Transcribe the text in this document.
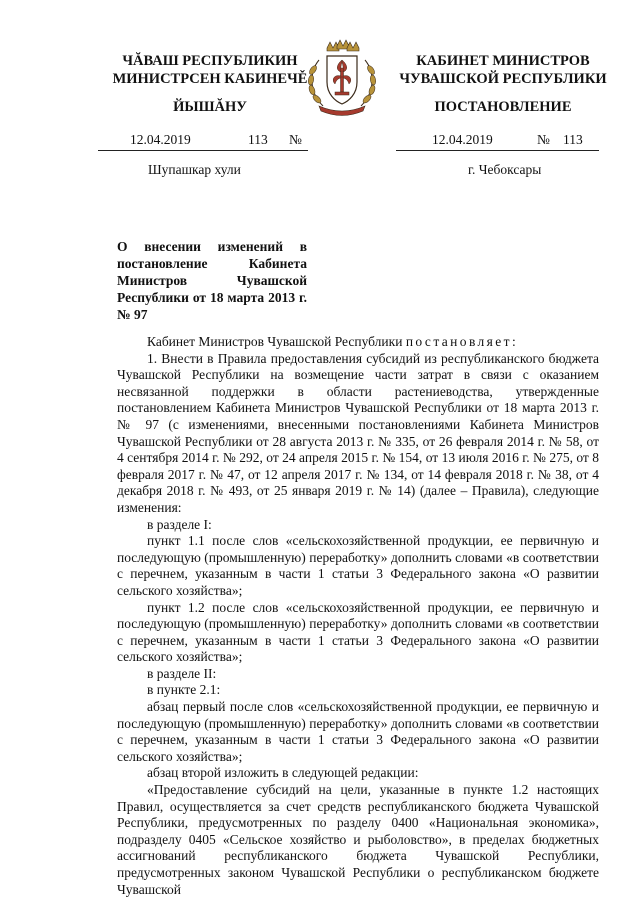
ЧĂВАШ РЕСПУБЛИКИН
МИНИСТРСЕН КАБИНЕЧĚ
ЙЫШĂНУ
КАБИНЕТ МИНИСТРОВ
ЧУВАШСКОЙ РЕСПУБЛИКИ
ПОСТАНОВЛЕНИЕ
12.04.2019	113 №	12.04.2019	№ 113
Шупашкар хули	г. Чебоксары
О внесении изменений в постановление Кабинета Министров Чувашской Республики от 18 марта 2013 г. № 97

Кабинет Министров Чувашской Республики постановляет:

1. Внести в Правила предоставления субсидий из республиканского бюджета Чувашской Республики на возмещение части затрат в связи с оказанием несвязанной поддержки в области растениеводства, утвержденные постановлением Кабинета Министров Чувашской Республики от 18 марта 2013 г. № 97 (с изменениями, внесенными постановлениями Кабинета Министров Чувашской Республики от 28 августа 2013 г. № 335, от 26 февраля 2014 г. № 58, от 4 сентября 2014 г. № 292, от 24 апреля 2015 г. № 154, от 13 июля 2016 г. № 275, от 8 февраля 2017 г. № 47, от 12 апреля 2017 г. № 134, от 14 февраля 2018 г. № 38, от 4 декабря 2018 г. № 493, от 25 января 2019 г. № 14) (далее – Правила), следующие изменения:

в разделе I:

пункт 1.1 после слов «сельскохозяйственной продукции, ее первичную и последующую (промышленную) переработку» дополнить словами «в соответствии с перечнем, указанным в части 1 статьи 3 Федерального закона «О развитии сельского хозяйства»;

пункт 1.2 после слов «сельскохозяйственной продукции, ее первичную и последующую (промышленную) переработку» дополнить словами «в соответствии с перечнем, указанным в части 1 статьи 3 Федерального закона «О развитии сельского хозяйства»;

в разделе II:

в пункте 2.1:

абзац первый после слов «сельскохозяйственной продукции, ее первичную и последующую (промышленную) переработку» дополнить словами «в соответствии с перечнем, указанным в части 1 статьи 3 Федерального закона «О развитии сельского хозяйства»;

абзац второй изложить в следующей редакции:

«Предоставление субсидий на цели, указанные в пункте 1.2 настоящих Правил, осуществляется за счет средств республиканского бюджета Чувашской Республики, предусмотренных по разделу 0400 «Национальная экономика», подразделу 0405 «Сельское хозяйство и рыболовство», в пределах бюджетных ассигнований республиканского бюджета Чувашской Республики, предусмотренных законом Чувашской Республики о республиканском бюджете Чувашской
